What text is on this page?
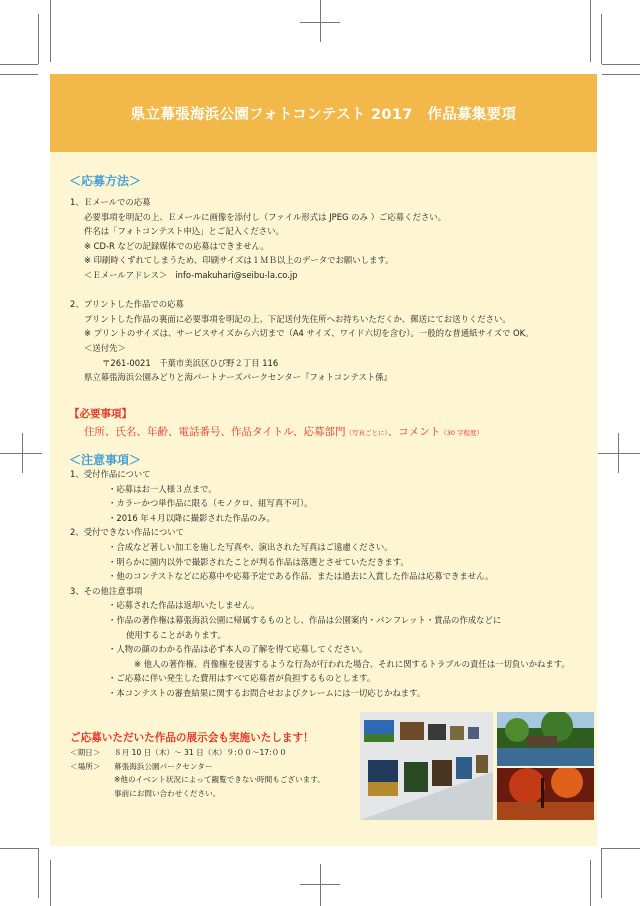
県立幕張海浜公園フォトコンテスト 2017　作品募集要項
＜応募方法＞
1、Ｅメールでの応募
必要事項を明記の上、Ｅメールに画像を添付し（ファイル形式は JPEG のみ ）ご応募ください。
件名は「フォトコンテスト申込」とご記入ください。
※ CD-R などの記録媒体での応募はできません。
※ 印刷時くずれてしまうため、印刷サイズは１ＭＢ以上のデータでお願いします。
＜Ｅメールアドレス＞ info-makuhari@seibu-la.co.jp
2、プリントした作品での応募
プリントした作品の裏面に必要事項を明記の上、下記送付先住所へお持ちいただくか、郵送にてお送りください。
※ プリントのサイズは、サービスサイズから六切まで（A4 サイズ、ワイド六切を含む）。一般的な普通紙サイズで OK。
＜送付先＞
〒261-0021　千葉市美浜区ひび野２丁目 116
県立幕張海浜公園みどりと海パートナーズパークセンター『フォトコンテスト係』
【必要事項】
住所、氏名、年齢、電話番号、作品タイトル、応募部門（写真ごとに）、コメント（30 字程度）
＜注意事項＞
1、受付作品について
・応募はお一人様３点まで。
・カラーかつ単作品に限る（モノクロ、組写真不可）。
・2016 年４月以降に撮影された作品のみ。
2、受付できない作品について
・合成など著しい加工を施した写真や、演出された写真はご遠慮ください。
・明らかに園内以外で撮影されたことが判る作品は落選とさせていただきます。
・他のコンテストなどに応募中や応募予定である作品、または過去に入賞した作品は応募できません。
3、その他注意事項
・応募された作品は返却いたしません。
・作品の著作権は幕張海浜公園に帰属するものとし、作品は公園案内・パンフレット・賞品の作成などに
使用することがあります。
・人物の顔のわかる作品は必ず本人の了解を得て応募してください。
※ 他人の著作権、肖像権を侵害するような行為が行われた場合、それに関するトラブルの責任は一切負いかねます。
・ご応募に伴い発生した費用はすべて応募者が負担するものとします。
・本コンテストの審査結果に関するお問合せおよびクレームには一切応じかねます。
ご応募いただいた作品の展示会も実施いたします！
＜期日＞ ８月 10 日（木）～ 31 日（木）９:００～17:００
＜場所＞ 幕張海浜公園パークセンター
※他のイベント状況によって観覧できない時間もございます。
事前にお問い合わせください。
